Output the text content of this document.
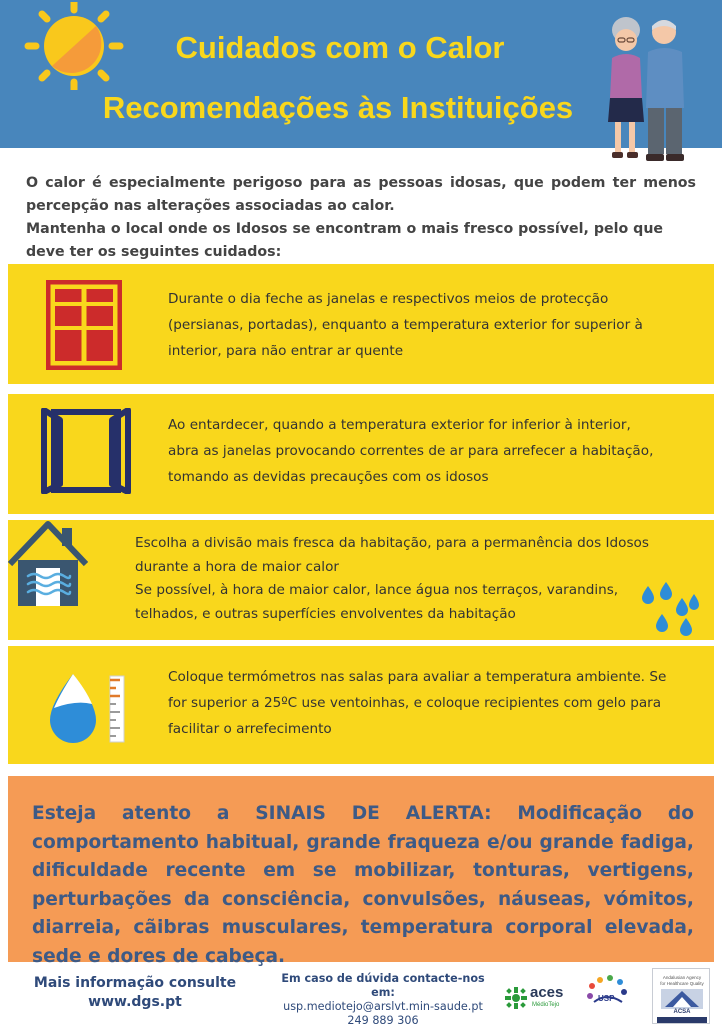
Cuidados com o Calor
Recomendações às Instituições

O calor é especialmente perigoso para as pessoas idosas, que podem ter menos percepção nas alterações associadas ao calor.

Mantenha o local onde os Idosos se encontram o mais fresco possível, pelo que deve ter os seguintes cuidados:

Durante o dia feche as janelas e respectivos meios de protecção

(persianas, portadas), enquanto a temperatura exterior for superior à

interior, para não entrar ar quente

Ao entardecer, quando a temperatura exterior for inferior à interior,

abra as janelas provocando correntes de ar para arrefecer a habitação,

tomando as devidas precauções com os idosos

Escolha a divisão mais fresca da habitação, para a permanência dos Idosos

durante a hora de maior calor

Se possível, à hora de maior calor, lance água nos terraços, varandins,

telhados, e outras superfícies envolventes da habitação

Coloque termómetros nas salas para avaliar a temperatura ambiente. Se

for superior a 25ºC use ventoinhas, e coloque recipientes com gelo para

facilitar o arrefecimento

Esteja atento a SINAIS DE ALERTA: Modificação do comportamento habitual, grande fraqueza e/ou grande fadiga, dificuldade recente em se mobilizar, tonturas, vertigens, perturbações da consciência, convulsões, náuseas, vómitos, diarreia, cãibras musculares, temperatura corporal elevada, sede e dores de cabeça.
Mais informação consulte
www.dgs.pt
Em caso de dúvida contacte-nos em:
usp.mediotejo@arslvt.min-saude.pt
249 889 306
aces
MédioTejo
USP
Andalusian Agency
for Healthcare Quality
ACSA
